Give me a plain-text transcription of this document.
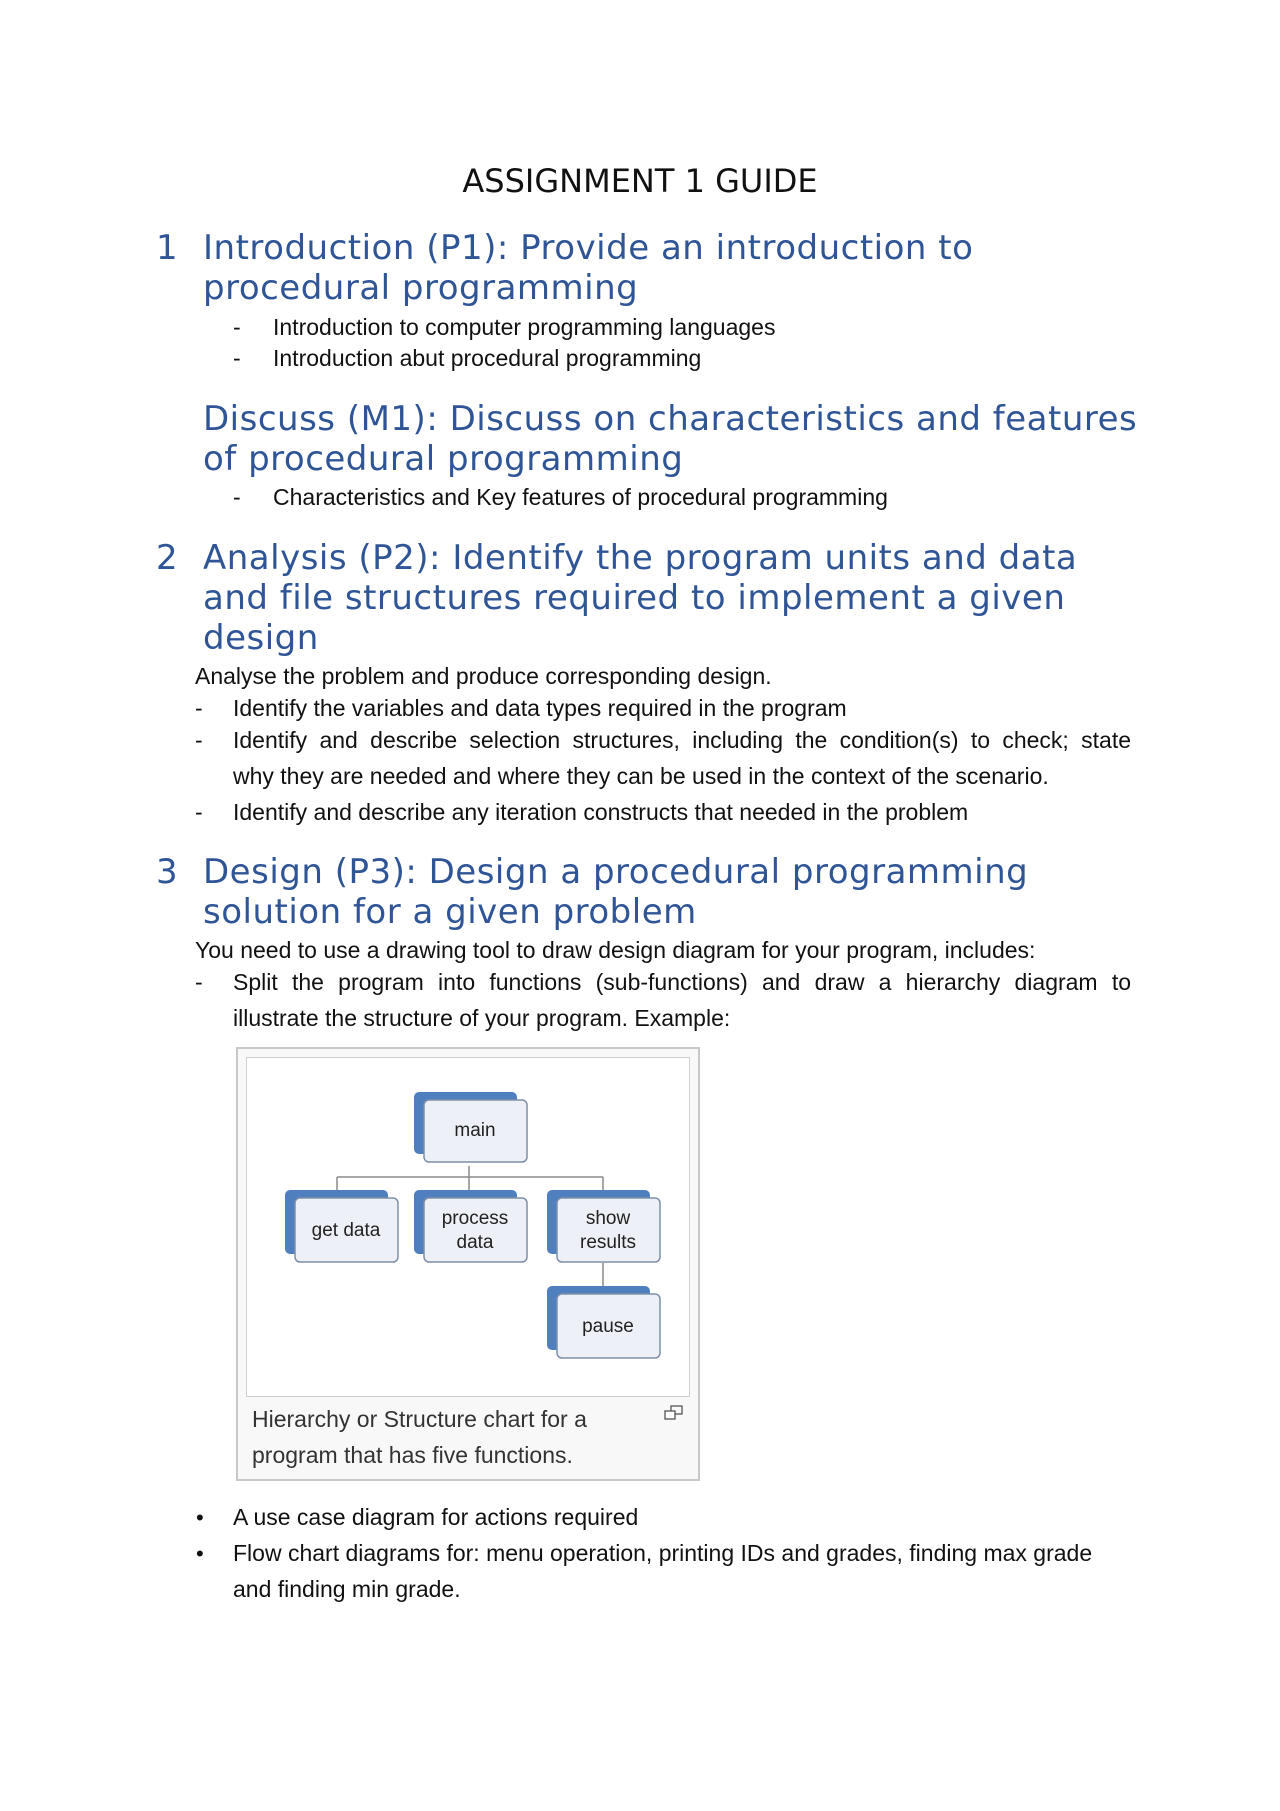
ASSIGNMENT 1 GUIDE
1 Introduction (P1): Provide an introduction to
procedural programming
- Introduction to computer programming languages
- Introduction abut procedural programming
Discuss (M1): Discuss on characteristics and features
of procedural programming
- Characteristics and Key features of procedural programming
2 Analysis (P2): Identify the program units and data
and file structures required to implement a given
design
Analyse the problem and produce corresponding design.
- Identify the variables and data types required in the program
- Identify and describe selection structures, including the condition(s) to check; state
why they are needed and where they can be used in the context of the scenario.
- Identify and describe any iteration constructs that needed in the problem
3 Design (P3): Design a procedural programming
solution for a given problem
You need to use a drawing tool to draw design diagram for your program, includes:
- Split the program into functions (sub-functions) and draw a hierarchy diagram to
illustrate the structure of your program. Example:
main
get data
process
data
show
results
pause
Hierarchy or Structure chart for a program that has five functions.
• A use case diagram for actions required
• Flow chart diagrams for: menu operation, printing IDs and grades, finding max grade
and finding min grade.
